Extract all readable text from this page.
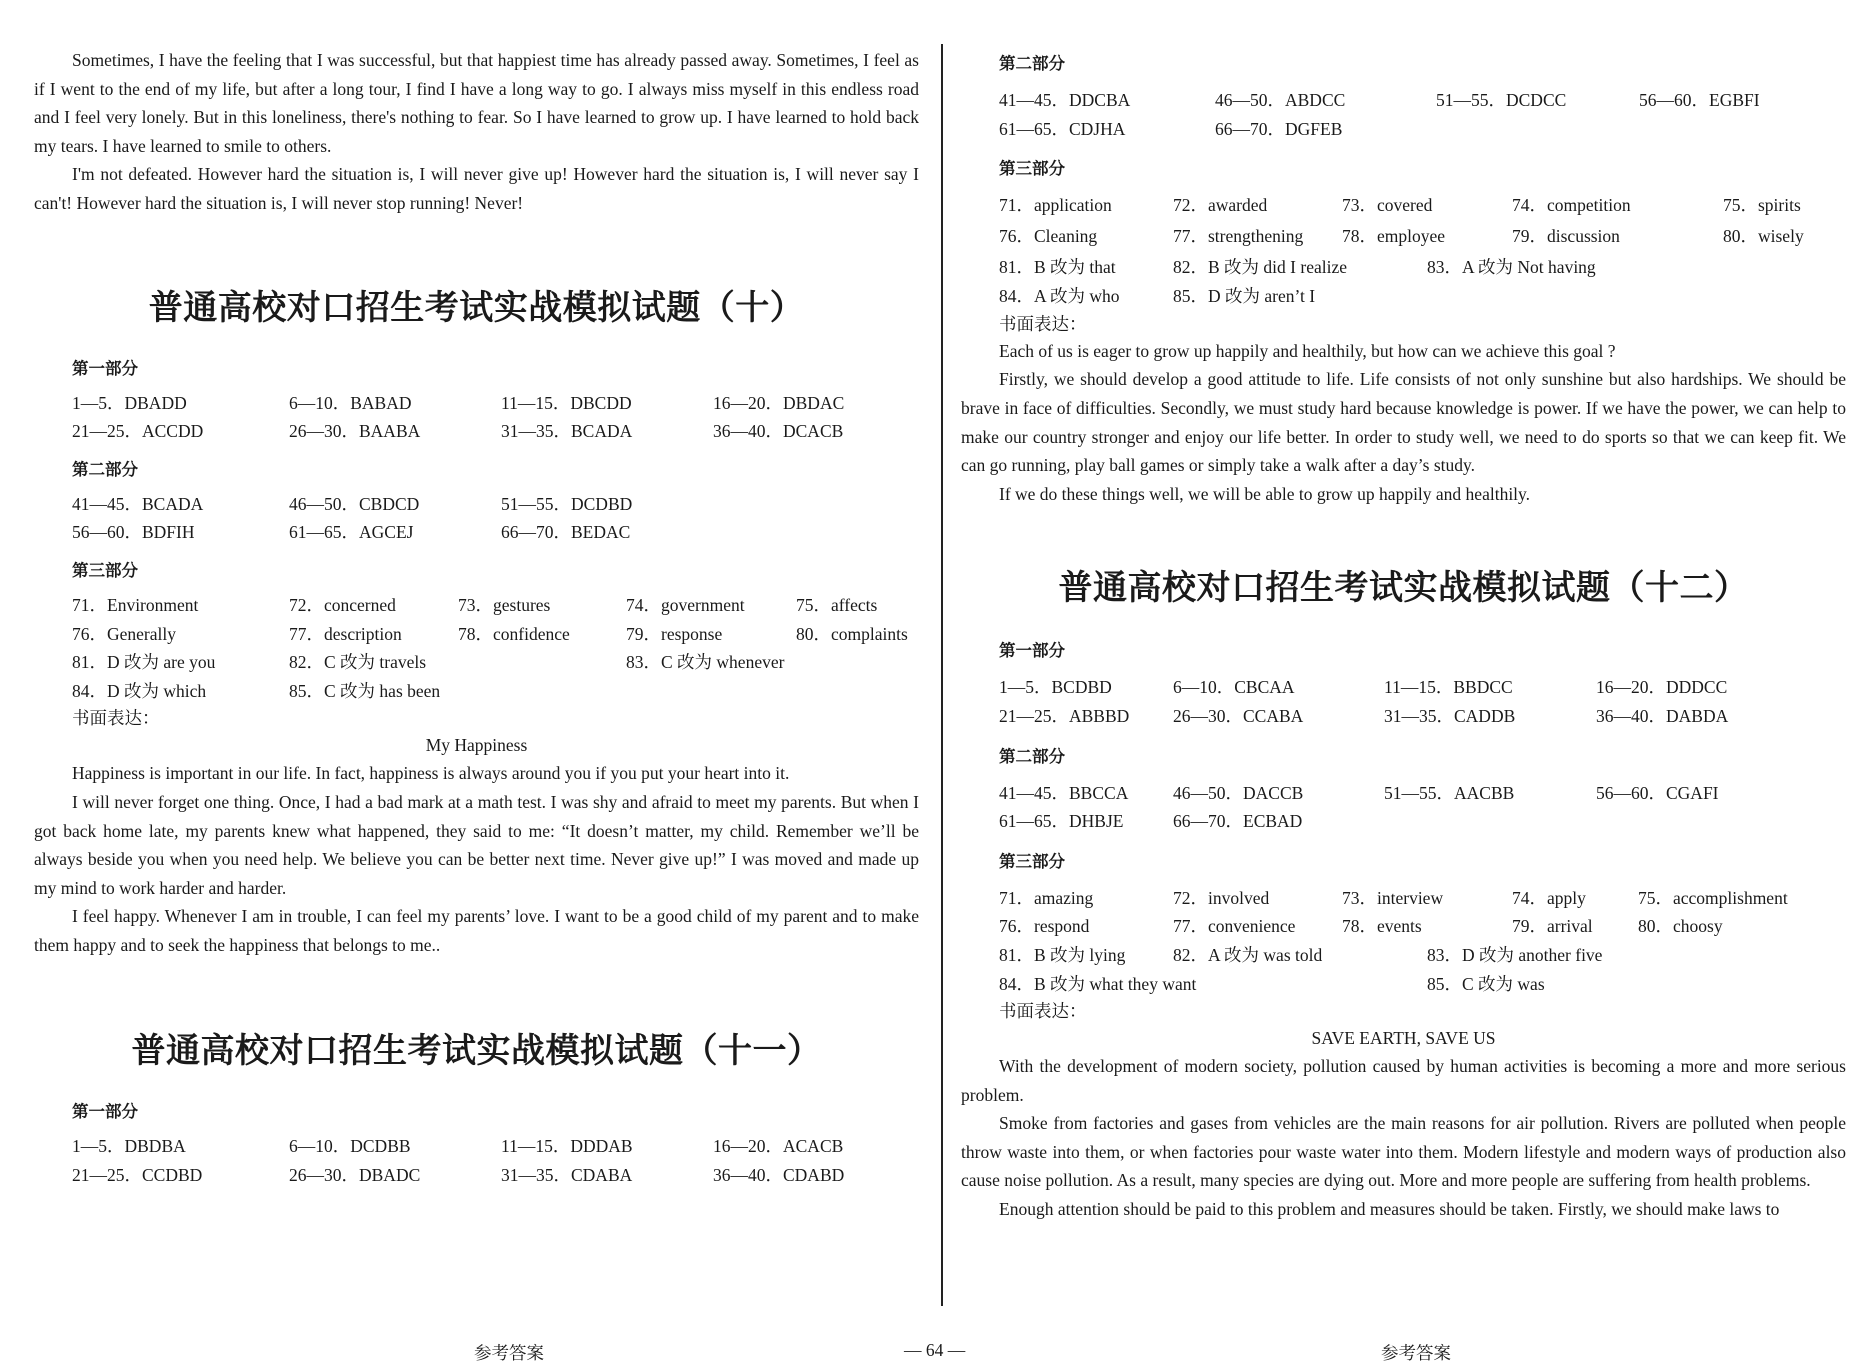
Sometimes, I have the feeling that I was successful, but that happiest time has already passed away. Sometimes, I feel as if I went to the end of my life, but after a long tour, I find I have a long way to go. I always miss myself in this endless road and I feel very lonely. But in this loneliness, there's nothing to fear. So I have learned to grow up. I have learned to hold back my tears. I have learned to smile to others.

I'm not defeated. However hard the situation is, I will never give up! However hard the situation is, I will never say I can't! However hard the situation is, I will never stop running! Never!

普通高校对口招生考试实战模拟试题（十）

第一部分

1—5．DBADD	6—10．BABAD	11—15．DBCDD	16—20．DBDAC
21—25．ACCDD	26—30．BAABA	31—35．BCADA	36—40．DCACB

第二部分

41—45．BCADA	46—50．CBDCD	51—55．DCDBD
56—60．BDFIH	61—65．AGCEJ	66—70．BEDAC

第三部分

71．Environment	72．concerned	73．gestures	74．government	75．affects
76．Generally	77．description	78．confidence	79．response	80．complaints
81．D 改为 are you	82．C 改为 travels	83．C 改为 whenever
84．D 改为 which	85．C 改为 has been

书面表达：

My Happiness

Happiness is important in our life. In fact, happiness is always around you if you put your heart into it.

I will never forget one thing. Once, I had a bad mark at a math test. I was shy and afraid to meet my parents. But when I got back home late, my parents knew what happened, they said to me: “It doesn’t matter, my child. Remember we’ll be always beside you when you need help. We believe you can be better next time. Never give up!” I was moved and made up my mind to work harder and harder.

I feel happy. Whenever I am in trouble, I can feel my parents’ love. I want to be a good child of my parent and to make them happy and to seek the happiness that belongs to me..

普通高校对口招生考试实战模拟试题（十一）

第一部分

1—5．DBDBA	6—10．DCDBB	11—15．DDDAB	16—20．ACACB
21—25．CCDBD	26—30．DBADC	31—35．CDABA	36—40．CDABD

第二部分

41—45．DDCBA	46—50．ABDCC	51—55．DCDCC	56—60．EGBFI
61—65．CDJHA	66—70．DGFEB

第三部分

71．application	72．awarded	73．covered	74．competition	75．spirits
76．Cleaning	77．strengthening 78．employee	79．discussion	80．wisely
81．B 改为 that	82．B 改为 did I realize	83．A 改为 Not having
84．A 改为 who	85．D 改为 aren’t I

书面表达：

Each of us is eager to grow up happily and healthily, but how can we achieve this goal ?

Firstly, we should develop a good attitude to life. Life consists of not only sunshine but also hardships. We should be brave in face of difficulties. Secondly, we must study hard because knowledge is power. If we have the power, we can help to make our country stronger and enjoy our life better. In order to study well, we need to do sports so that we can keep fit. We can go running, play ball games or simply take a walk after a day’s study.

If we do these things well, we will be able to grow up happily and healthily.

普通高校对口招生考试实战模拟试题（十二）

第一部分

1—5．BCDBD	6—10．CBCAA	11—15．BBDCC	16—20．DDDCC
21—25．ABBBD 26—30．CCABA	31—35．CADDB	36—40．DABDA

第二部分

41—45．BBCCA	46—50．DACCB	51—55．AACBB	56—60．CGAFI
61—65．DHBJE	66—70．ECBAD

第三部分

71．amazing	72．involved	73．interview	74．apply	75．accomplishment
76．respond	77．convenience	78．events	79．arrival	80．choosy
81．B 改为 lying	82．A 改为 was told	83．D 改为 another five
84．B 改为 what they want	85．C 改为 was

书面表达：

SAVE EARTH, SAVE US

With the development of modern society, pollution caused by human activities is becoming a more and more serious problem.

Smoke from factories and gases from vehicles are the main reasons for air pollution. Rivers are polluted when people throw waste into them, or when factories pour waste water into them. Modern lifestyle and modern ways of production also cause noise pollution. As a result, many species are dying out. More and more people are suffering from health problems.

Enough attention should be paid to this problem and measures should be taken. Firstly, we should make laws to

参考答案	— 64 —	参考答案
